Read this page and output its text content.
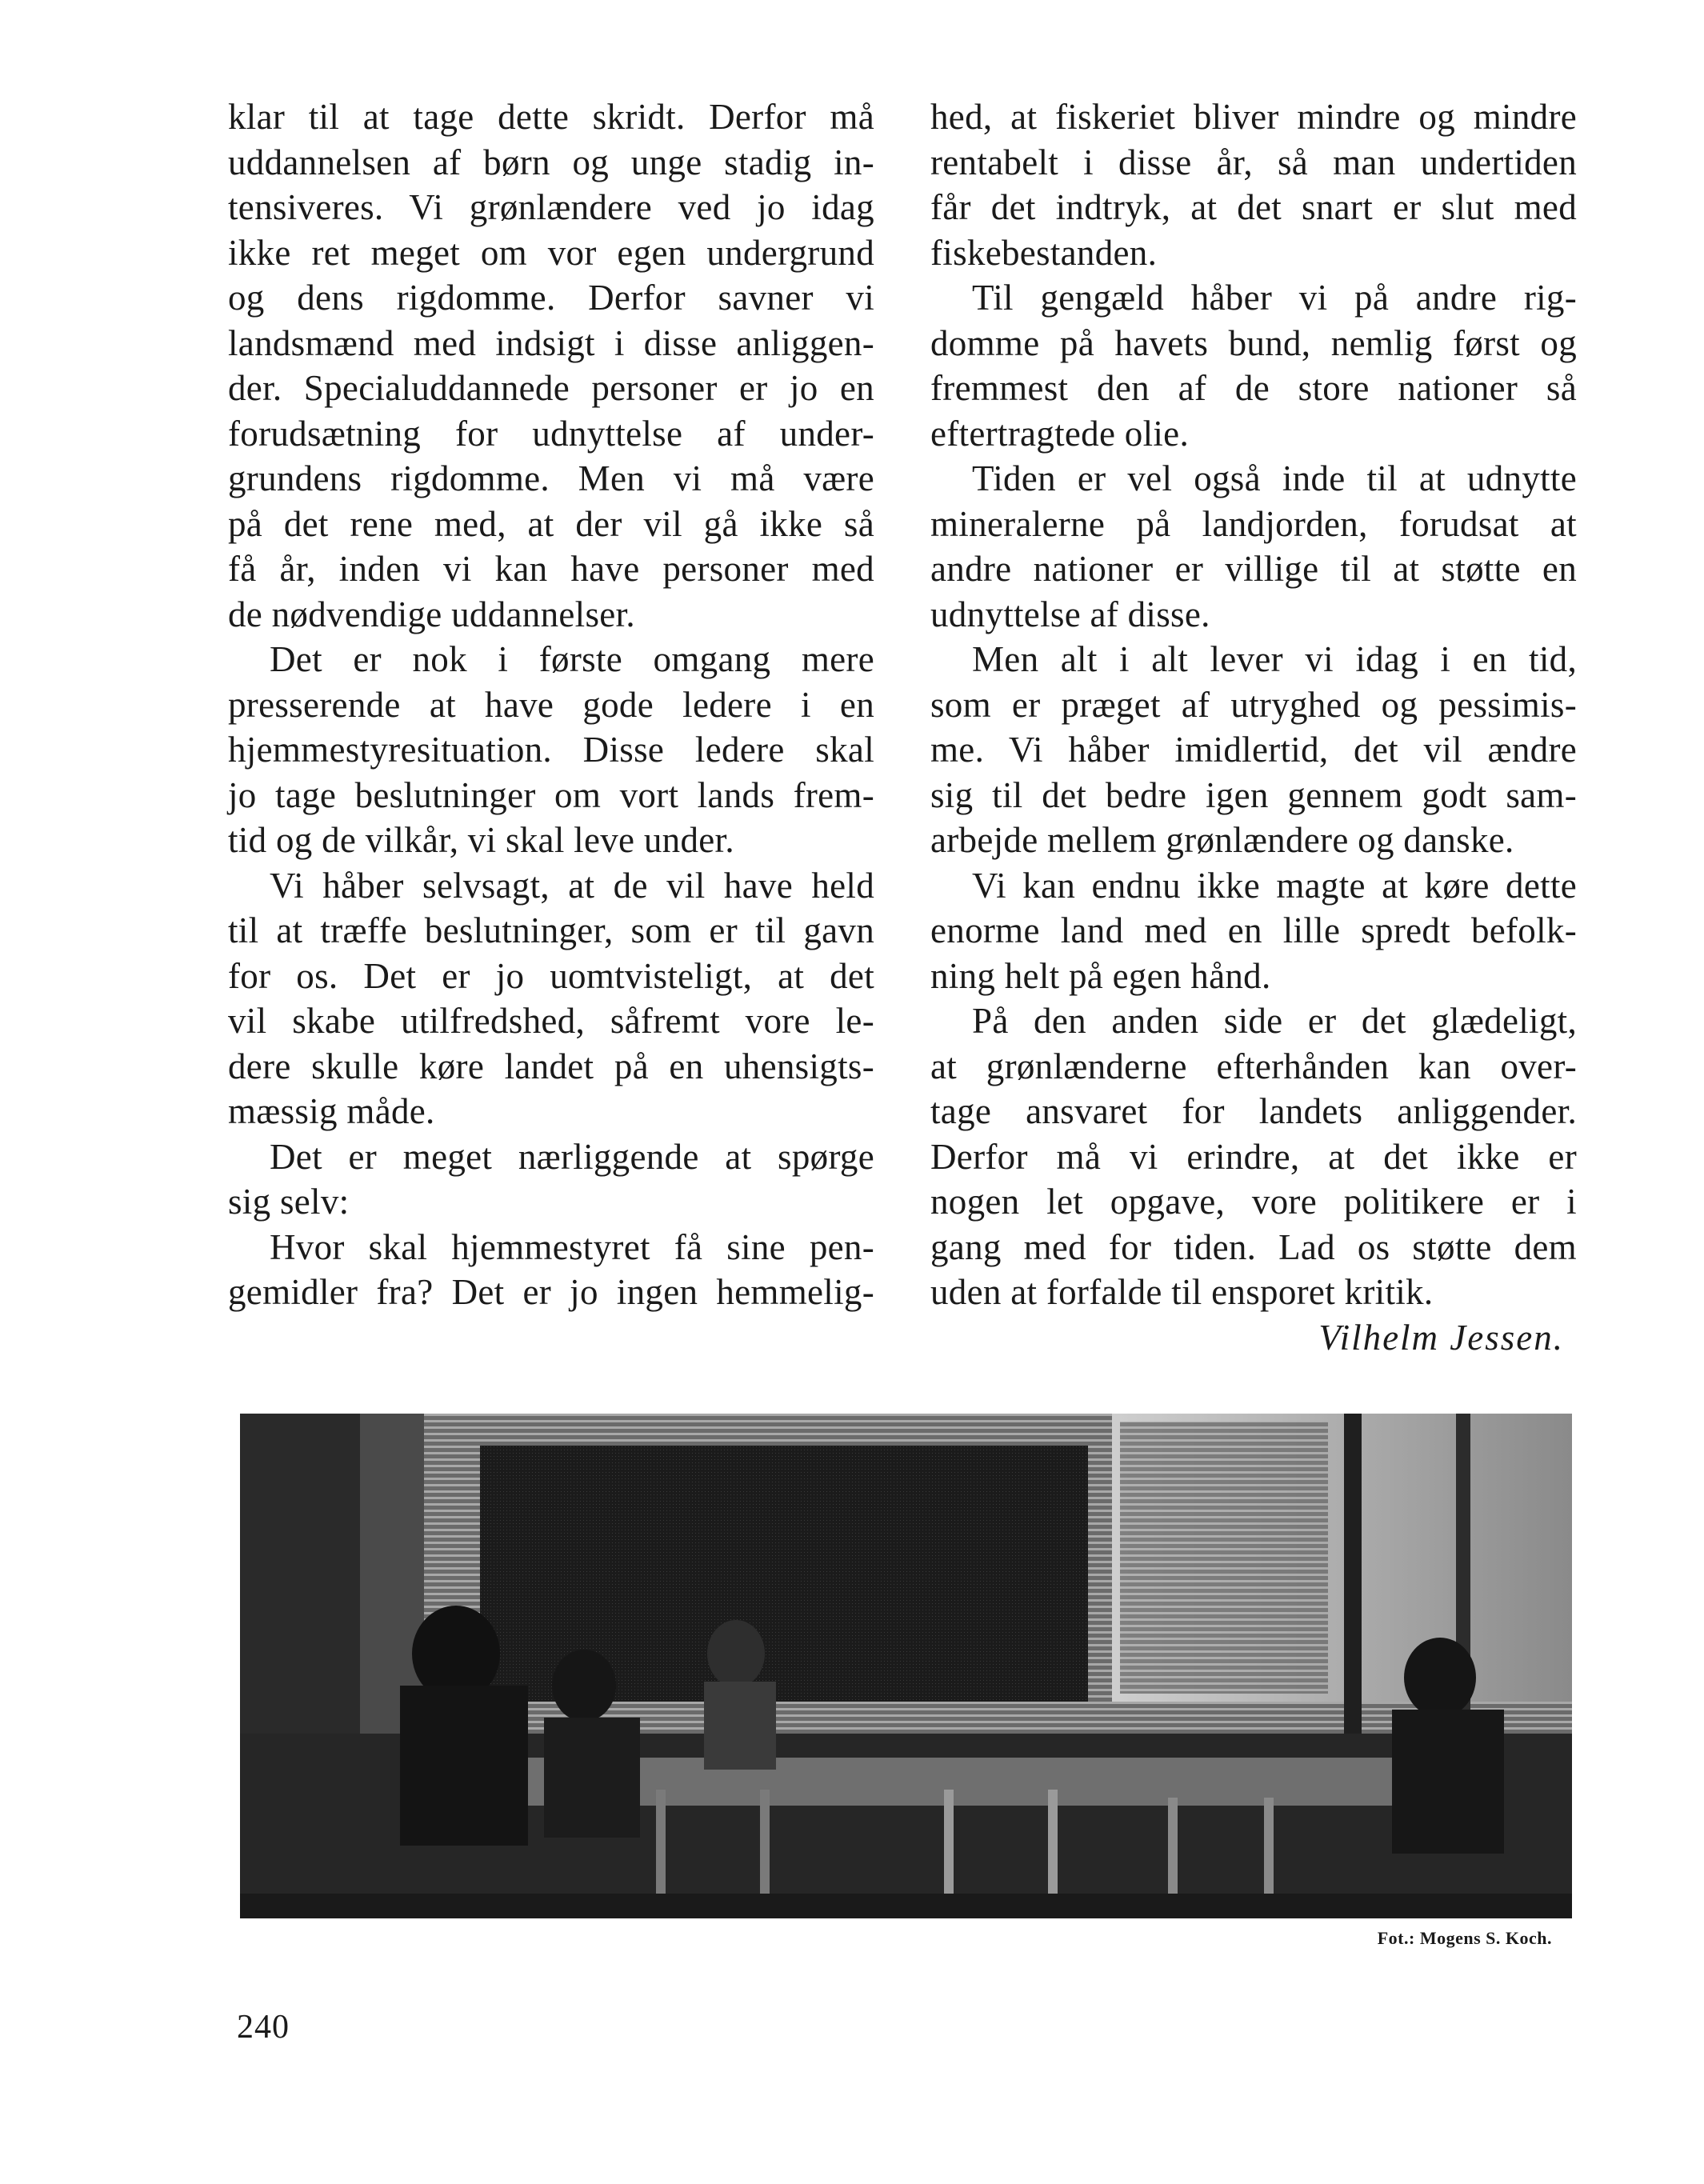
klar til at tage dette skridt. Derfor må

uddannelsen af børn og unge stadig in-

tensiveres. Vi grønlændere ved jo idag

ikke ret meget om vor egen undergrund

og dens rigdomme. Derfor savner vi

landsmænd med indsigt i disse anliggen-

der. Specialuddannede personer er jo en

forudsætning for udnyttelse af under-

grundens rigdomme. Men vi må være

på det rene med, at der vil gå ikke så

få år, inden vi kan have personer med

de nødvendige uddannelser.

Det er nok i første omgang mere

presserende at have gode ledere i en

hjemmestyresituation. Disse ledere skal

jo tage beslutninger om vort lands frem-

tid og de vilkår, vi skal leve under.

Vi håber selvsagt, at de vil have held

til at træffe beslutninger, som er til gavn

for os. Det er jo uomtvisteligt, at det

vil skabe utilfredshed, såfremt vore le-

dere skulle køre landet på en uhensigts-

mæssig måde.

Det er meget nærliggende at spørge

sig selv:

Hvor skal hjemmestyret få sine pen-

gemidler fra? Det er jo ingen hemmelig-

hed, at fiskeriet bliver mindre og mindre

rentabelt i disse år, så man undertiden

får det indtryk, at det snart er slut med

fiskebestanden.

Til gengæld håber vi på andre rig-

domme på havets bund, nemlig først og

fremmest den af de store nationer så

eftertragtede olie.

Tiden er vel også inde til at udnytte

mineralerne på landjorden, forudsat at

andre nationer er villige til at støtte en

udnyttelse af disse.

Men alt i alt lever vi idag i en tid,

som er præget af utryghed og pessimis-

me. Vi håber imidlertid, det vil ændre

sig til det bedre igen gennem godt sam-

arbejde mellem grønlændere og danske.

Vi kan endnu ikke magte at køre dette

enorme land med en lille spredt befolk-

ning helt på egen hånd.

På den anden side er det glædeligt,

at grønlænderne efterhånden kan over-

tage ansvaret for landets anliggender.

Derfor må vi erindre, at det ikke er

nogen let opgave, vore politikere er i

gang med for tiden. Lad os støtte dem

uden at forfalde til ensporet kritik.

Vilhelm Jessen.

Fot.: Mogens S. Koch.
240
